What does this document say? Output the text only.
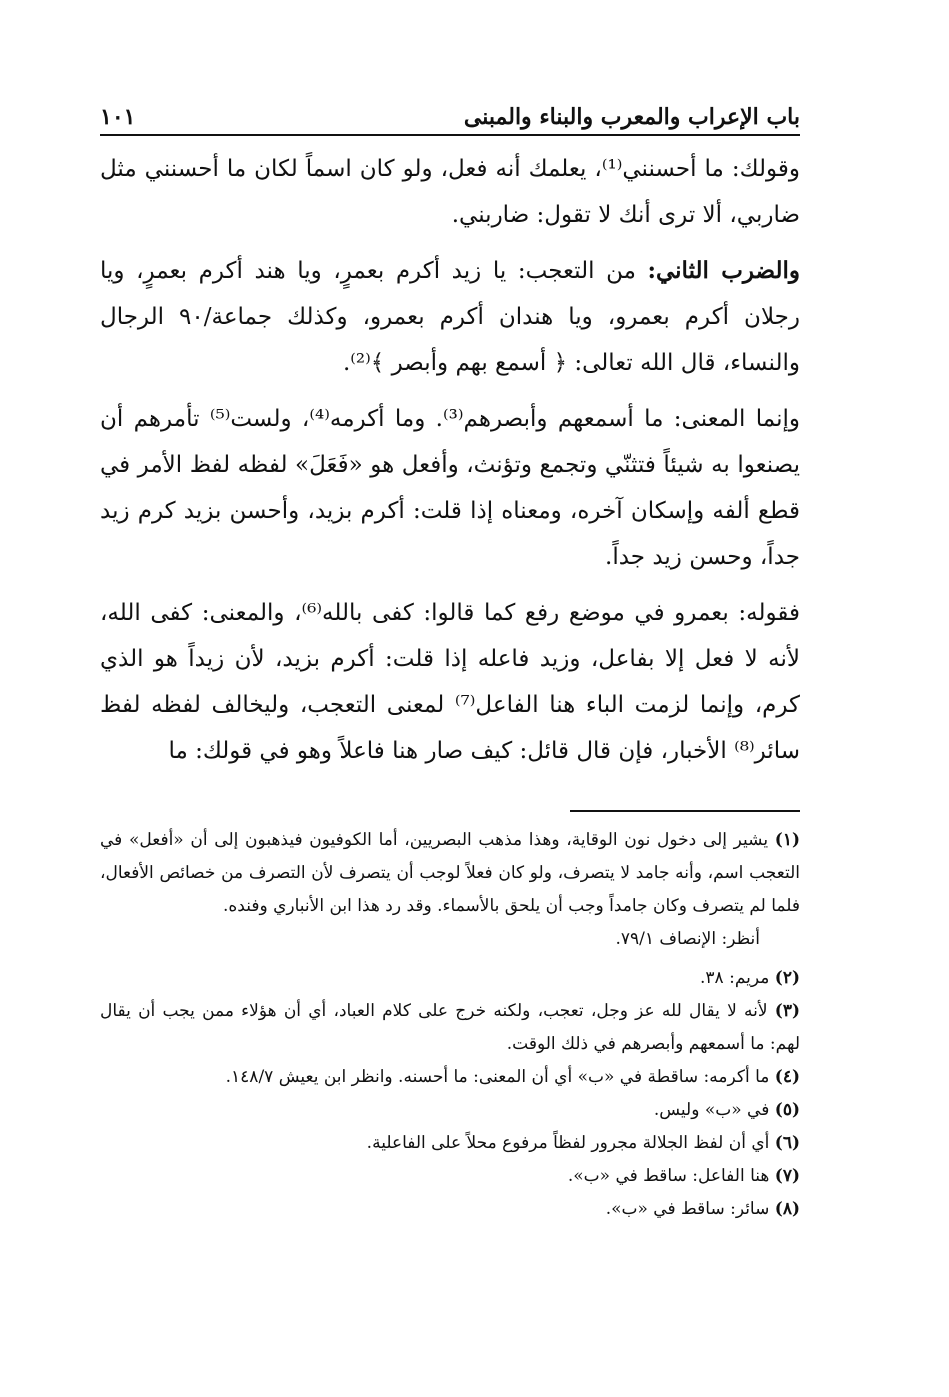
باب الإعراب والمعرب والبناء والمبنى
١٠١

وقولك: ما أحسنني⁽¹⁾، يعلمك أنه فعل، ولو كان اسماً لكان ما أحسنني مثل ضاربي، ألا ترى أنك لا تقول: ضاربني.

والضرب الثاني: من التعجب: يا زيد أكرم بعمرٍ، ويا هند أكرم بعمرٍ، ويا رجلان أكرم بعمرو، ويا هندان أكرم بعمرو، وكذلك جماعة/٩٠ الرجال والنساء، قال الله تعالى: ﴿ أسمع بهم وأبصر ﴾⁽²⁾.

وإنما المعنى: ما أسمعهم وأبصرهم⁽³⁾. وما أكرمه⁽⁴⁾، ولست⁽⁵⁾ تأمرهم أن يصنعوا به شيئاً فتثنّي وتجمع وتؤنث، وأفعل هو «فَعَلَ» لفظه لفظ الأمر في قطع ألفه وإسكان آخره، ومعناه إذا قلت: أكرم بزيد، وأحسن بزيد كرم زيد جداً، وحسن زيد جداً.

فقوله: بعمرو في موضع رفع كما قالوا: كفى بالله⁽⁶⁾، والمعنى: كفى الله، لأنه لا فعل إلا بفاعل، وزيد فاعله إذا قلت: أكرم بزيد، لأن زيداً هو الذي كرم، وإنما لزمت الباء هنا الفاعل⁽⁷⁾ لمعنى التعجب، وليخالف لفظه لفظ سائر⁽⁸⁾ الأخبار، فإن قال قائل: كيف صار هنا فاعلاً وهو في قولك: ما

(١) يشير إلى دخول نون الوقاية، وهذا مذهب البصريين، أما الكوفيون فيذهبون إلى أن «أفعل» في التعجب اسم، وأنه جامد لا يتصرف، ولو كان فعلاً لوجب أن يتصرف لأن التصرف من خصائص الأفعال، فلما لم يتصرف وكان جامداً وجب أن يلحق بالأسماء. وقد رد هذا ابن الأنباري وفنده.

أنظر: الإنصاف ٧٩/١.

(٢) مريم: ٣٨.

(٣) لأنه لا يقال لله عز وجل، تعجب، ولكنه خرج على كلام العباد، أي أن هؤلاء ممن يجب أن يقال لهم: ما أسمعهم وأبصرهم في ذلك الوقت.

(٤) ما أكرمه: ساقطة في «ب» أي أن المعنى: ما أحسنه. وانظر ابن يعيش ١٤٨/٧.

(٥) في «ب» وليس.

(٦) أي أن لفظ الجلالة مجرور لفظاً مرفوع محلاً على الفاعلية.

(٧) هنا الفاعل: ساقط في «ب».

(٨) سائر: ساقط في «ب».
